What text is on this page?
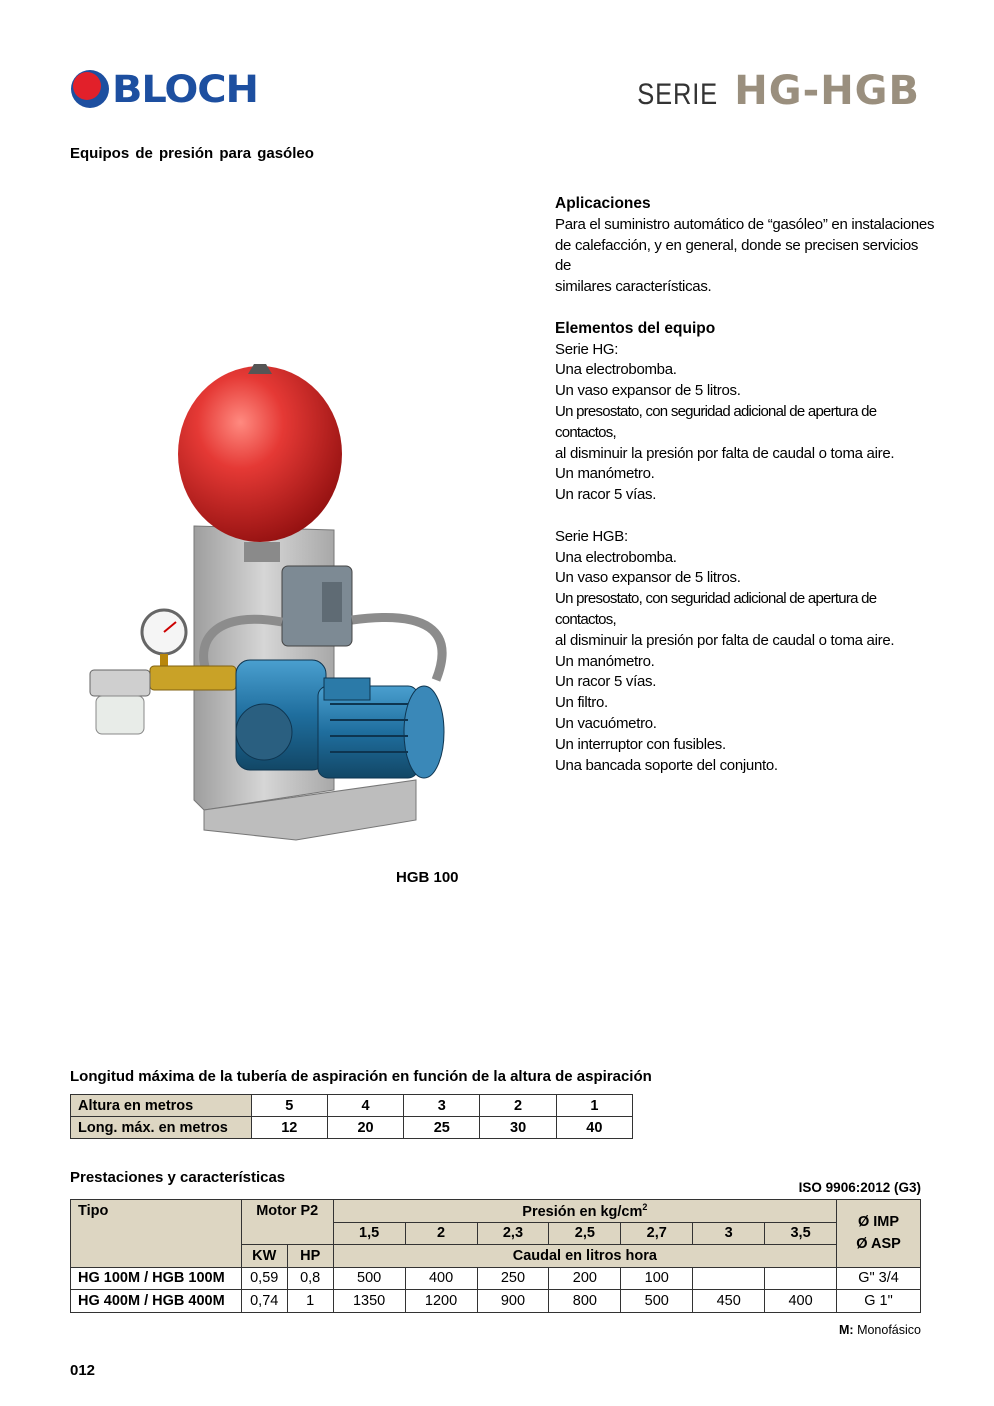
BLOCH	SERIE HG-HGB
Equipos de presión para gasóleo
Aplicaciones

Para el suministro automático de “gasóleo” en instalaciones

de calefacción, y en general, donde se precisen servicios de

similares características.

Elementos del equipo

Serie HG:

Una electrobomba.

Un vaso expansor de 5 litros.

Un presostato, con seguridad adicional de apertura de contactos,

al disminuir la presión por falta de caudal o toma aire.

Un manómetro.

Un racor 5 vías.

Serie HGB:

Una electrobomba.

Un vaso expansor de 5 litros.

Un presostato, con seguridad adicional de apertura de contactos,

al disminuir la presión por falta de caudal o toma aire.

Un manómetro.

Un racor 5 vías.

Un filtro.

Un vacuómetro.

Un interruptor con fusibles.

Una bancada soporte del conjunto.

HGB 100
Longitud máxima de la tubería de aspiración en función de la altura de aspiración
Altura en metros	5	4	3	2	1
Long. máx. en metros	12	20	25	30	40
Prestaciones y características
ISO 9906:2012 (G3)
Tipo	Motor P2		Presión en $kg/cm^2$							Ø IMP
Ø ASP

			1,5	2	2,3	2,5	2,7	3	3,5	
	KW	HP	Caudal en litros hora							
HG 100M / HGB 100M	0,59	0,8	500	400	250	200	100			G" 3/4
HG 400M / HGB 400M	0,74	1	1350	1200	900	800	500	450	400	G 1"
M: Monofásico
012
